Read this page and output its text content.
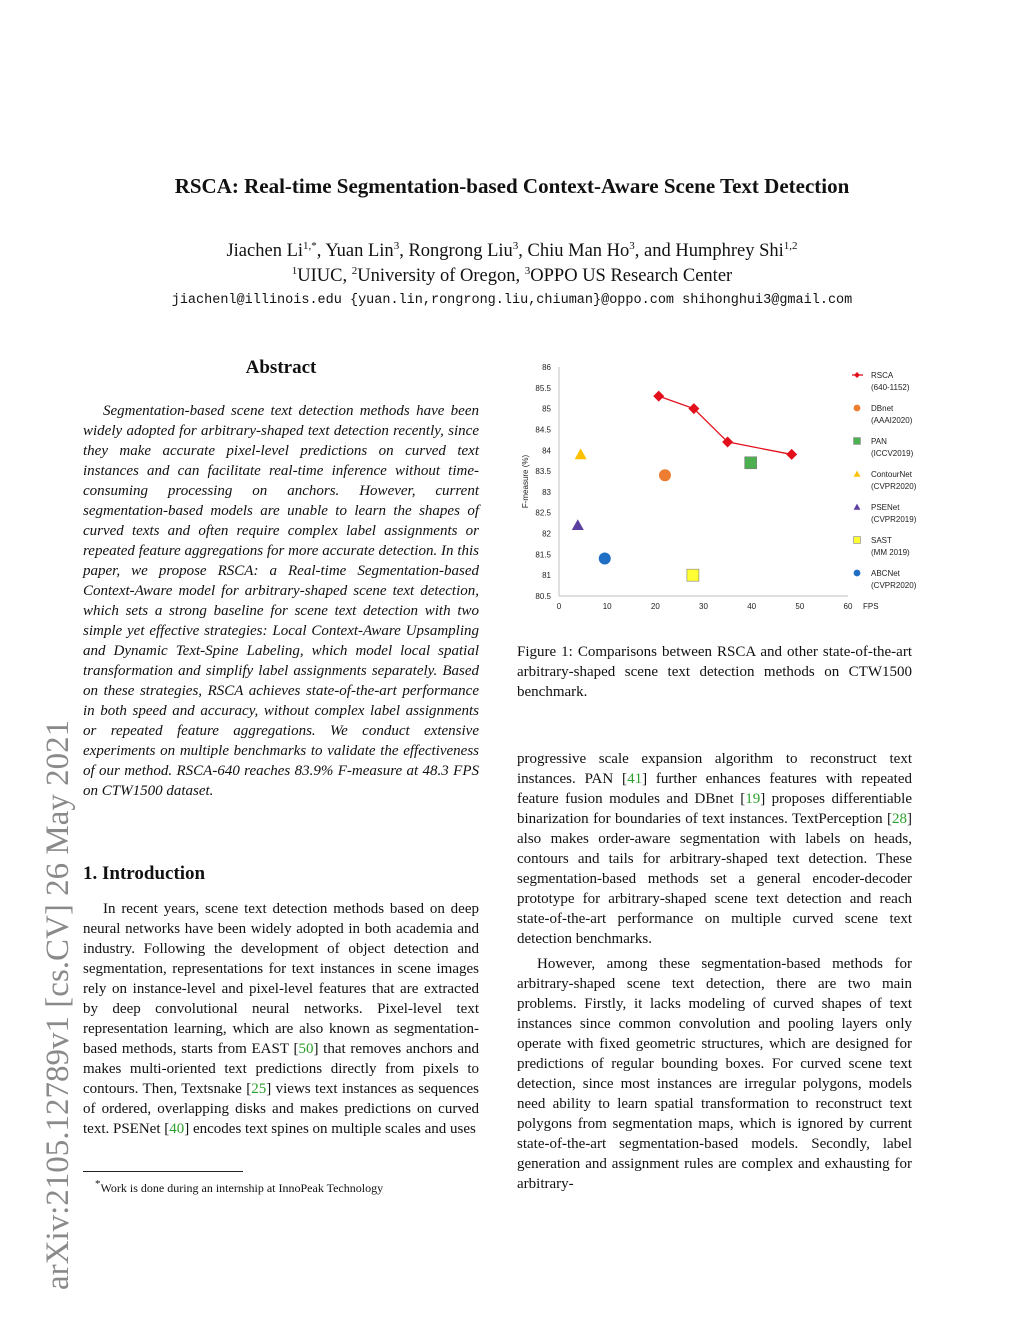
RSCA: Real-time Segmentation-based Context-Aware Scene Text Detection
Jiachen $Li^{1,*}$, Yuan Lin$^3$, Rongrong Liu$^3$, Chiu Man Ho$^3$, and Humphrey Shi$^{1,2}$
$^1$UIUC, $^2$University of Oregon, $^3$OPPO US Research Center
jiachenl@illinois.edu {yuan.lin,rongrong.liu,chiuman}@oppo.com shihonghui3@gmail.com
arXiv:2105.12789v1 [cs.CV] 26 May 2021
Abstract
Segmentation-based scene text detection methods have been widely adopted for arbitrary-shaped text detection recently, since they make accurate pixel-level predictions on curved text instances and can facilitate real-time inference without time-consuming processing on anchors. However, current segmentation-based models are unable to learn the shapes of curved texts and often require complex label assignments or repeated feature aggregations for more accurate detection. In this paper, we propose RSCA: a Real-time Segmentation-based Context-Aware model for arbitrary-shaped scene text detection, which sets a strong baseline for scene text detection with two simple yet effective strategies: Local Context-Aware Upsampling and Dynamic Text-Spine Labeling, which model local spatial transformation and simplify label assignments separately. Based on these strategies, RSCA achieves state-of-the-art performance in both speed and accuracy, without complex label assignments or repeated feature aggregations. We conduct extensive experiments on multiple benchmarks to validate the effectiveness of our method. RSCA-640 reaches 83.9% F-measure at 48.3 FPS on CTW1500 dataset.
1. Introduction
In recent years, scene text detection methods based on deep neural networks have been widely adopted in both academia and industry. Following the development of object detection and segmentation, representations for text instances in scene images rely on instance-level and pixel-level features that are extracted by deep convolutional neural networks. Pixel-level text representation learning, which are also known as segmentation-based methods, starts from EAST [50] that removes anchors and makes multi-oriented text predictions directly from pixels to contours. Then, Textsnake [25] views text instances as sequences of ordered, overlapping disks and makes predictions on curved text. PSENet [40] encodes text spines on multiple scales and uses
*Work is done during an internship at InnoPeak Technology
80.5
81
81.5
82
82.5
83
83.5
84
84.5
85
85.5
86
0	10	20	30	40	50	60 FPS
F-measure (%)
RSCA
(640-1152)
DBnet
(AAAI2020)
PAN
(ICCV2019)
ContourNet
(CVPR2020)
PSENet
(CVPR2019)
SAST
(MM 2019)
ABCNet
(CVPR2020)
Figure 1: Comparisons between RSCA and other state-of-the-art arbitrary-shaped scene text detection methods on CTW1500 benchmark.
progressive scale expansion algorithm to reconstruct text instances. PAN [41] further enhances features with repeated feature fusion modules and DBnet [19] proposes differentiable binarization for boundaries of text instances. TextPerception [28] also makes order-aware segmentation with labels on heads, contours and tails for arbitrary-shaped text detection. These segmentation-based methods set a general encoder-decoder prototype for arbitrary-shaped scene text detection and reach state-of-the-art performance on multiple curved scene text detection benchmarks.
However, among these segmentation-based methods for arbitrary-shaped scene text detection, there are two main problems. Firstly, it lacks modeling of curved shapes of text instances since common convolution and pooling layers only operate with fixed geometric structures, which are designed for predictions of regular bounding boxes. For curved scene text detection, since most instances are irregular polygons, models need ability to learn spatial transformation to reconstruct text polygons from segmentation maps, which is ignored by current state-of-the-art segmentation-based models. Secondly, label generation and assignment rules are complex and exhausting for arbitrary-
